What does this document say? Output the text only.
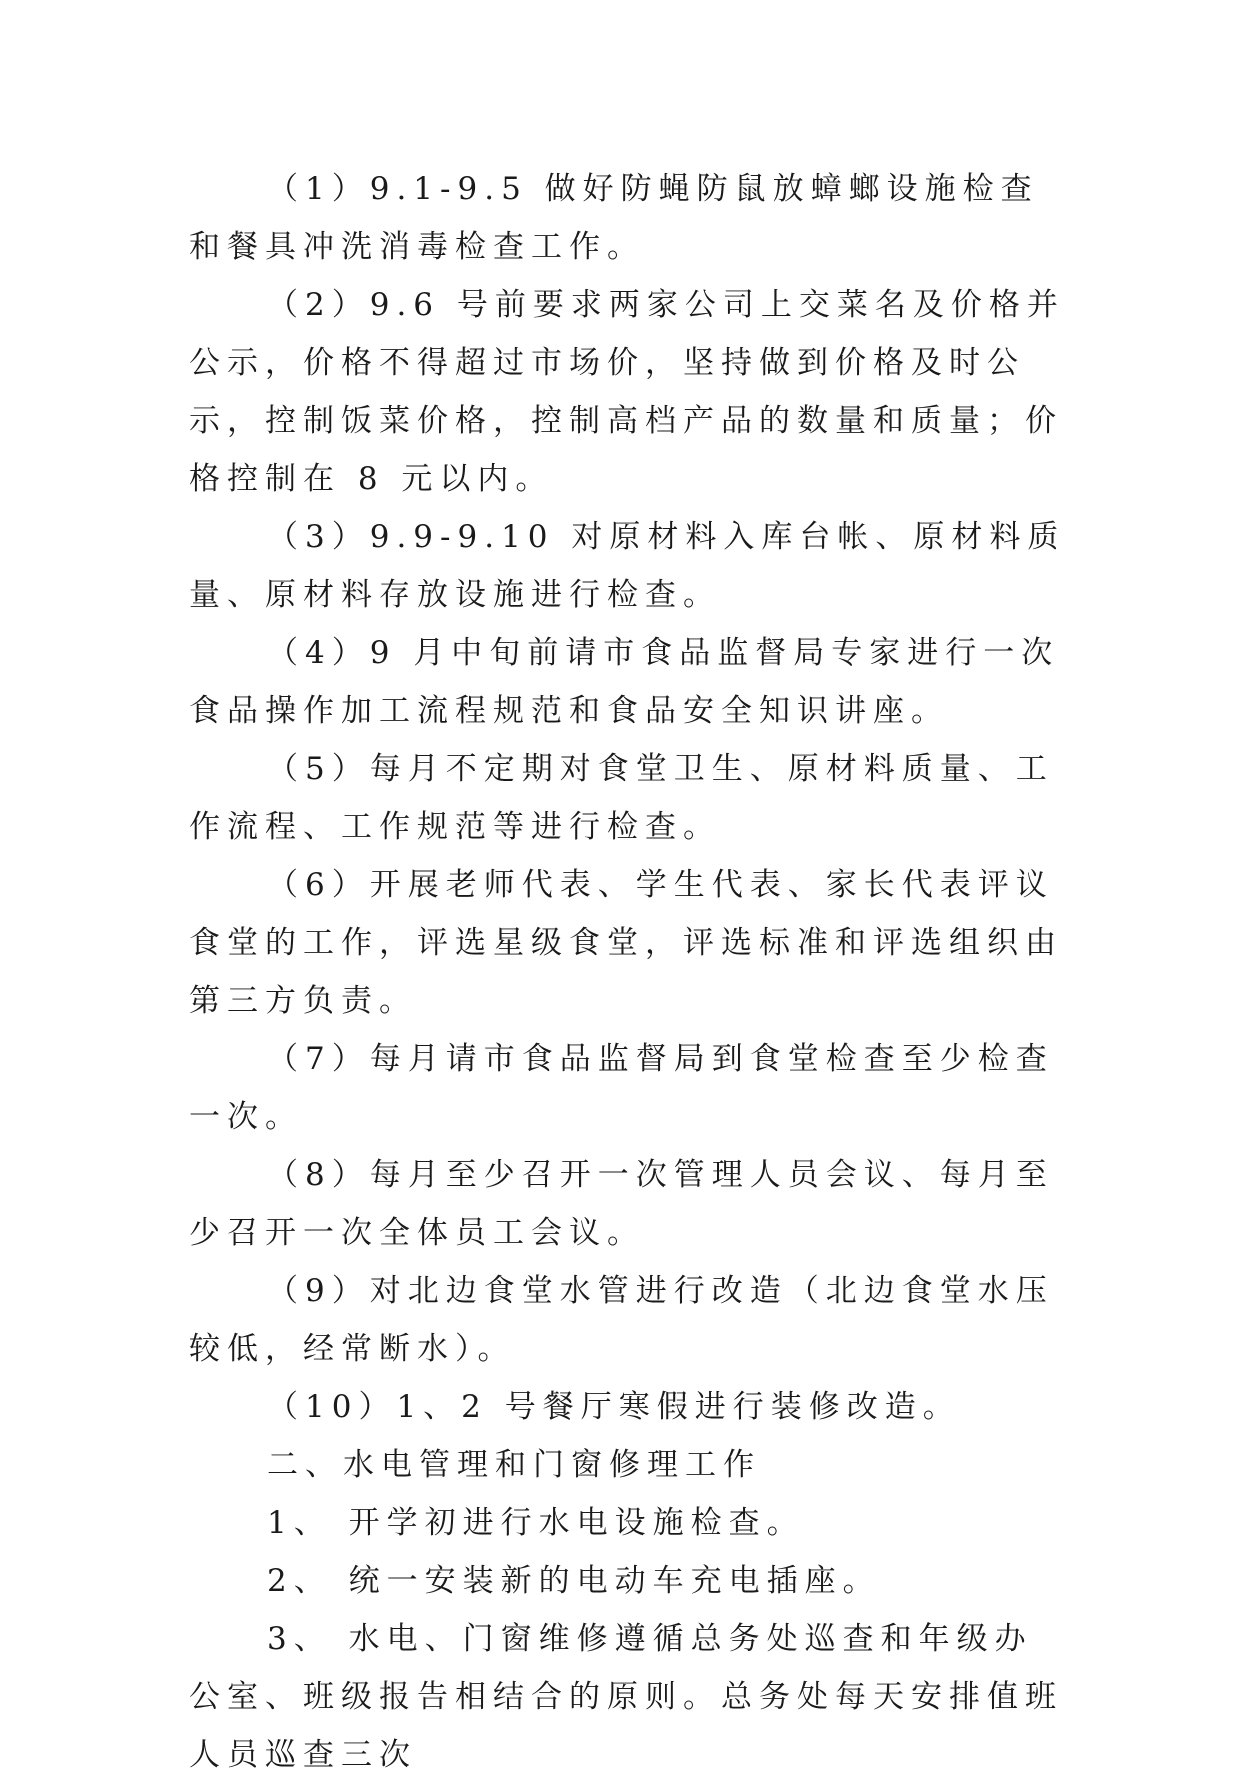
（1）9.1-9.5 做好防蝇防鼠放蟑螂设施检查和餐具冲洗消毒检查工作。

（2）9.6 号前要求两家公司上交菜名及价格并公示，价格不得超过市场价，坚持做到价格及时公示，控制饭菜价格，控制高档产品的数量和质量；价格控制在 8 元以内。

（3）9.9-9.10 对原材料入库台帐、原材料质量、原材料存放设施进行检查。

（4）9 月中旬前请市食品监督局专家进行一次食品操作加工流程规范和食品安全知识讲座。

（5）每月不定期对食堂卫生、原材料质量、工作流程、工作规范等进行检查。

（6）开展老师代表、学生代表、家长代表评议食堂的工作，评选星级食堂，评选标准和评选组织由第三方负责。

（7）每月请市食品监督局到食堂检查至少检查一次。

（8）每月至少召开一次管理人员会议、每月至少召开一次全体员工会议。

（9）对北边食堂水管进行改造（北边食堂水压较低，经常断水）。

（10）1、2 号餐厅寒假进行装修改造。

二、水电管理和门窗修理工作

1、 开学初进行水电设施检查。

2、 统一安装新的电动车充电插座。

3、 水电、门窗维修遵循总务处巡查和年级办公室、班级报告相结合的原则。总务处每天安排值班人员巡查三次
